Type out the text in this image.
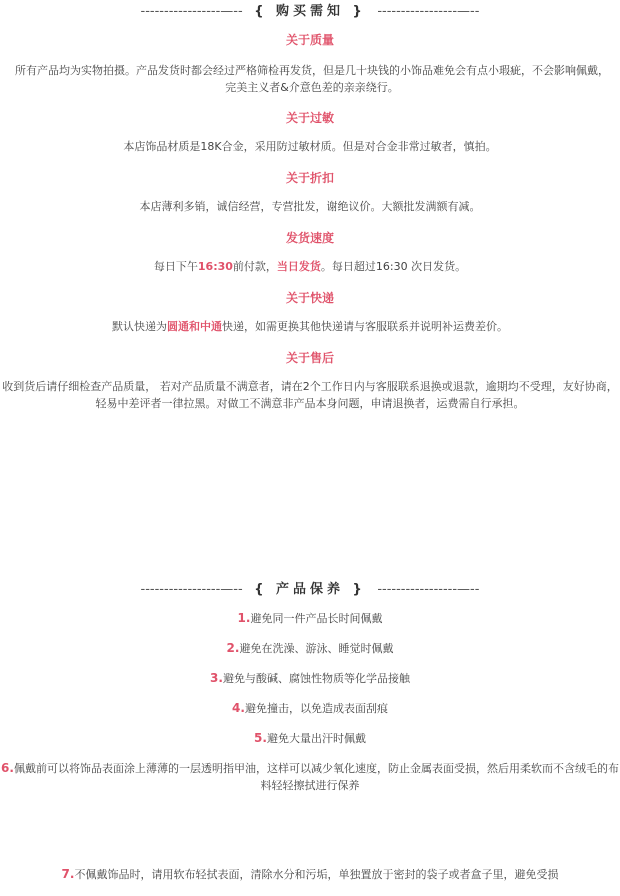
-----------------—-- { 购买需知 } -----------------—--
关于质量
所有产品均为实物拍摄。产品发货时都会经过严格筛检再发货，但是几十块钱的小饰品难免会有点小瑕疵，不会影响佩戴，完美主义者&介意色差的亲亲绕行。
关于过敏
本店饰品材质是18K合金，采用防过敏材质。但是对合金非常过敏者，慎拍。
关于折扣
本店薄利多销，诚信经营，专营批发，谢绝议价。大额批发满额有减。
发货速度
每日下午16:30前付款，当日发货。每日超过16:30 次日发货。
关于快递
默认快递为圆通和中通快递，如需更换其他快递请与客服联系并说明补运费差价。
关于售后
收到货后请仔细检查产品质量， 若对产品质量不满意者，请在2个工作日内与客服联系退换或退款，逾期均不受理，友好协商，轻易中差评者一律拉黑。对做工不满意非产品本身问题，申请退换者，运费需自行承担。
-----------------—-- { 产品保养 } -----------------—--
1.避免同一件产品长时间佩戴
2.避免在洗澡、游泳、睡觉时佩戴
3.避免与酸碱、腐蚀性物质等化学品接触
4.避免撞击，以免造成表面刮痕
5.避免大量出汗时佩戴
6.佩戴前可以将饰品表面涂上薄薄的一层透明指甲油，这样可以减少氧化速度，防止金属表面受损，然后用柔软而不含绒毛的布料轻轻擦拭进行保养
7.不佩戴饰品时，请用软布轻拭表面，清除水分和污垢，单独置放于密封的袋子或者盒子里，避免受损
